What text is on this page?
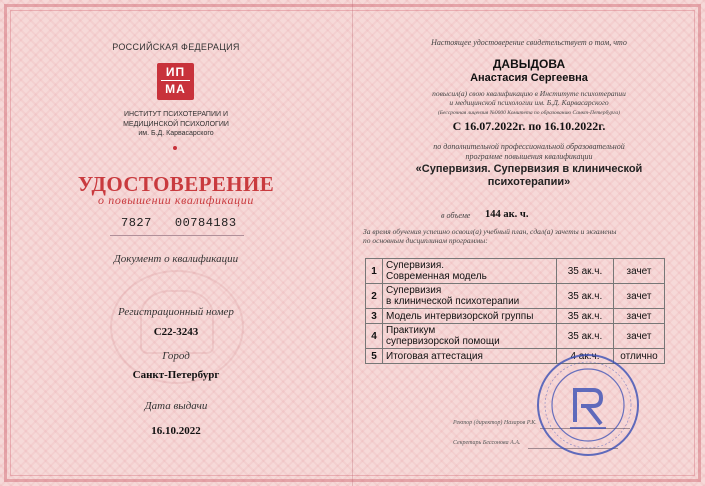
РОССИЙСКАЯ ФЕДЕРАЦИЯ
ИП
МА
ИНСТИТУТ ПСИХОТЕРАПИИ И
МЕДИЦИНСКОЙ ПСИХОЛОГИИ
им. Б.Д. Карвасарского
УДОСТОВЕРЕНИЕ
о повышении квалификации
7827   00784183
Документ о квалификации
Регистрационный номер
С22-3243
Город
Санкт-Петербург
Дата выдачи
16.10.2022
Настоящее удостоверение свидетельствует о том, что
ДАВЫДОВА
Анастасия Сергеевна
повысил(а) свою квалификацию в Институте психотерапии
и медицинской психологии им. Б.Д. Карвасарского
(Бессрочная лицензия №0000 Комитета по образованию Санкт-Петербурга)
С 16.07.2022г. по 16.10.2022г.
по дополнительной профессиональной образовательной
программе повышения квалификации
«Супервизия. Супервизия в клинической
психотерапии»
в объеме 144 ак. ч.
За время обучения успешно освоил(а) учебный план, сдал(а) зачеты и экзамены
по основным дисциплинам программы:
1	Супервизия.
Современная модель	35 ак.ч.	зачет
2	Супервизия
в клинической психотерапии	35 ак.ч.	зачет
3	Модель интервизорской группы	35 ак.ч.	зачет
4	Практикум
супервизорской помощи	35 ак.ч.	зачет
5	Итоговая аттестация	4 ак.ч.	отлично
Ректор (директор) Назаров Р.К.
Секретарь Бессонова А.А.
